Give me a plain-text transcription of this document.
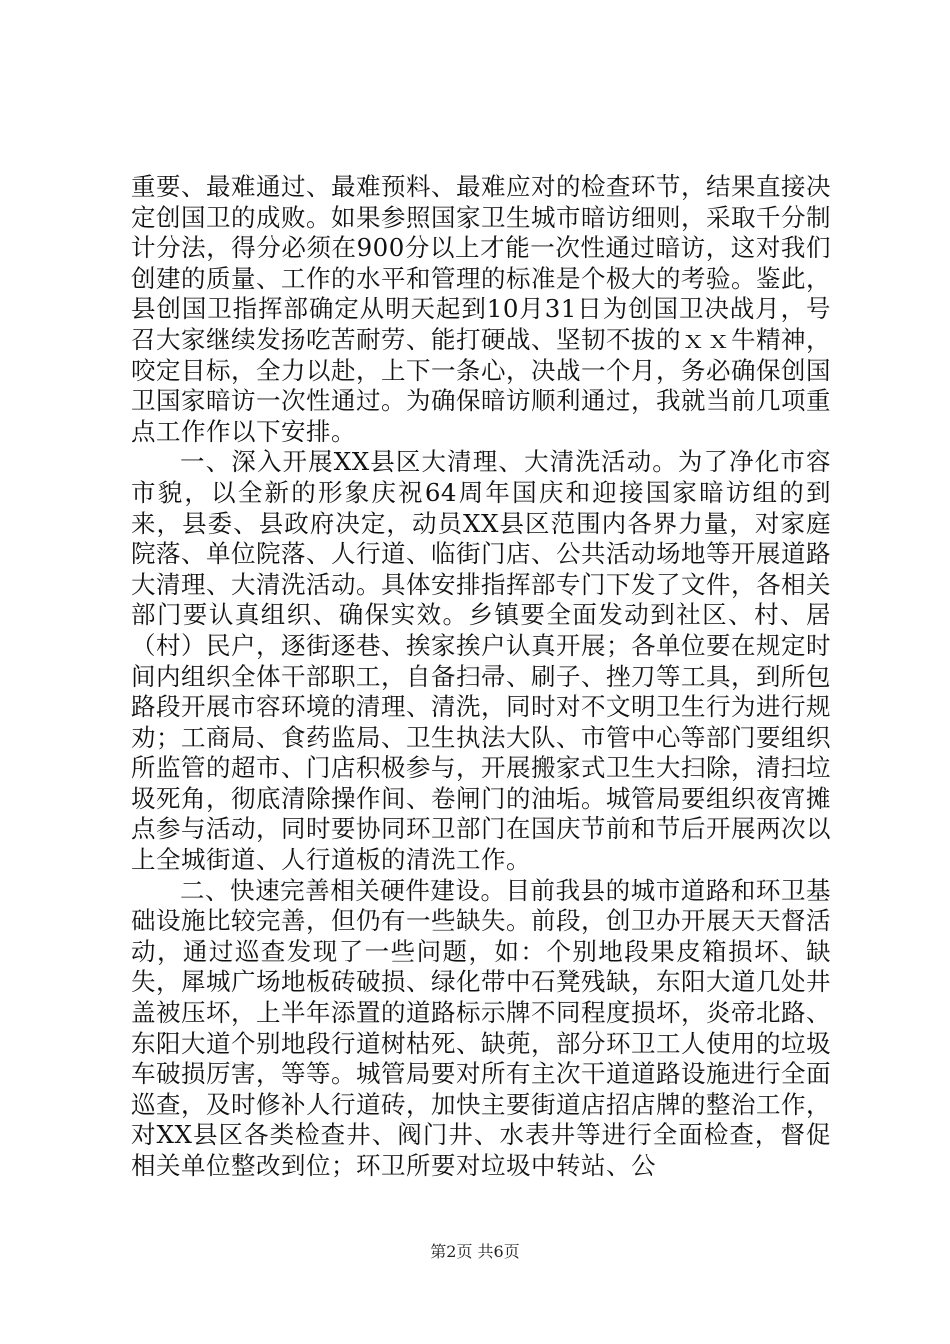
重要、最难通过、最难预料、最难应对的检查环节，结果直接决定创国卫的成败。如果参照国家卫生城市暗访细则，采取千分制计分法，得分必须在900分以上才能一次性通过暗访，这对我们创建的质量、工作的水平和管理的标准是个极大的考验。鉴此，县创国卫指挥部确定从明天起到10月31日为创国卫决战月，号召大家继续发扬吃苦耐劳、能打硬战、坚韧不拔的ｘｘ牛精神，咬定目标，全力以赴，上下一条心，决战一个月，务必确保创国卫国家暗访一次性通过。为确保暗访顺利通过，我就当前几项重点工作作以下安排。

一、深入开展XX县区大清理、大清洗活动。为了净化市容市貌，以全新的形象庆祝64周年国庆和迎接国家暗访组的到来，县委、县政府决定，动员XX县区范围内各界力量，对家庭院落、单位院落、人行道、临街门店、公共活动场地等开展道路大清理、大清洗活动。具体安排指挥部专门下发了文件，各相关部门要认真组织、确保实效。乡镇要全面发动到社区、村、居（村）民户，逐街逐巷、挨家挨户认真开展；各单位要在规定时间内组织全体干部职工，自备扫帚、刷子、挫刀等工具，到所包路段开展市容环境的清理、清洗，同时对不文明卫生行为进行规劝；工商局、食药监局、卫生执法大队、市管中心等部门要组织所监管的超市、门店积极参与，开展搬家式卫生大扫除，清扫垃圾死角，彻底清除操作间、卷闸门的油垢。城管局要组织夜宵摊点参与活动，同时要协同环卫部门在国庆节前和节后开展两次以上全城街道、人行道板的清洗工作。

二、快速完善相关硬件建设。目前我县的城市道路和环卫基础设施比较完善，但仍有一些缺失。前段，创卫办开展天天督活动，通过巡查发现了一些问题，如：个别地段果皮箱损坏、缺失，犀城广场地板砖破损、绿化带中石凳残缺，东阳大道几处井盖被压坏，上半年添置的道路标示牌不同程度损坏，炎帝北路、东阳大道个别地段行道树枯死、缺蔸，部分环卫工人使用的垃圾车破损厉害，等等。城管局要对所有主次干道道路设施进行全面巡查，及时修补人行道砖，加快主要街道店招店牌的整治工作，对XX县区各类检查井、阀门井、水表井等进行全面检查，督促相关单位整改到位；环卫所要对垃圾中转站、公

第2页 共6页
